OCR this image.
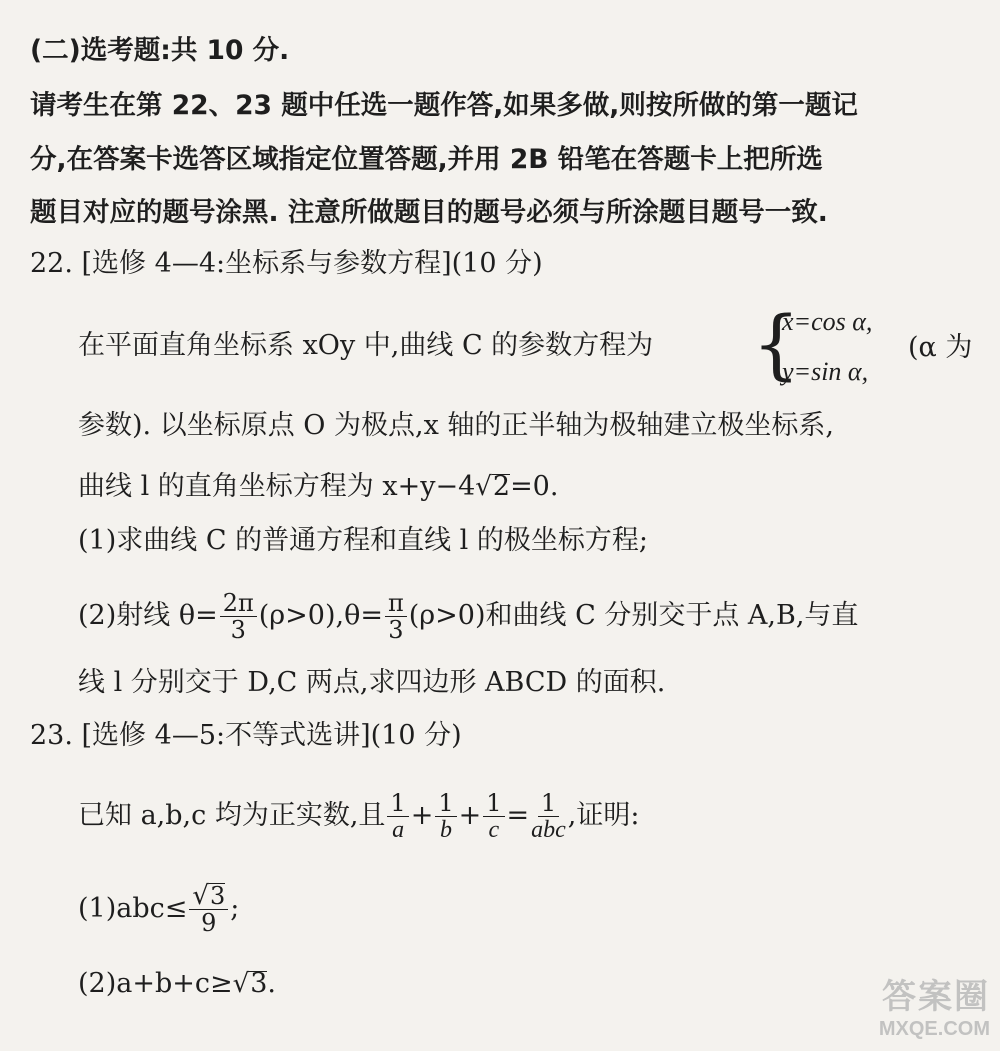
(二)选考题:共 10 分.
请考生在第 22、23 题中任选一题作答,如果多做,则按所做的第一题记
分,在答案卡选答区域指定位置答题,并用 2B 铅笔在答题卡上把所选
题目对应的题号涂黑. 注意所做题目的题号必须与所涂题目题号一致.
22. [选修 4—4:坐标系与参数方程](10 分)
在平面直角坐标系 xOy 中,曲线 C 的参数方程为 {
x=cos α,
y=sin α,
(α 为
参数). 以坐标原点 O 为极点,x 轴的正半轴为极轴建立极坐标系,
曲线 l 的直角坐标方程为 x+y−4√2=0.
(1)求曲线 C 的普通方程和直线 l 的极坐标方程;
(2)射线 $\theta= \frac{2\pi}{3} (\rho>0),\theta= \frac{\pi}{3} (\rho>0)$和曲线 C 分别交于点 A,B,与直
线 l 分别交于 D,C 两点,求四边形 ABCD 的面积.
23. [选修 4—5:不等式选讲](10 分)
已知 a,b,c 均为正实数,且 $\frac{1}{a} + \frac{1}{b} + \frac{1}{c} = \frac{1}{\text{abc}}$ ,证明:
$(1)abc\le \frac{√3}{9}$ ;
(2)a+b+c≥√3.	答案圈
MXQE.COM
